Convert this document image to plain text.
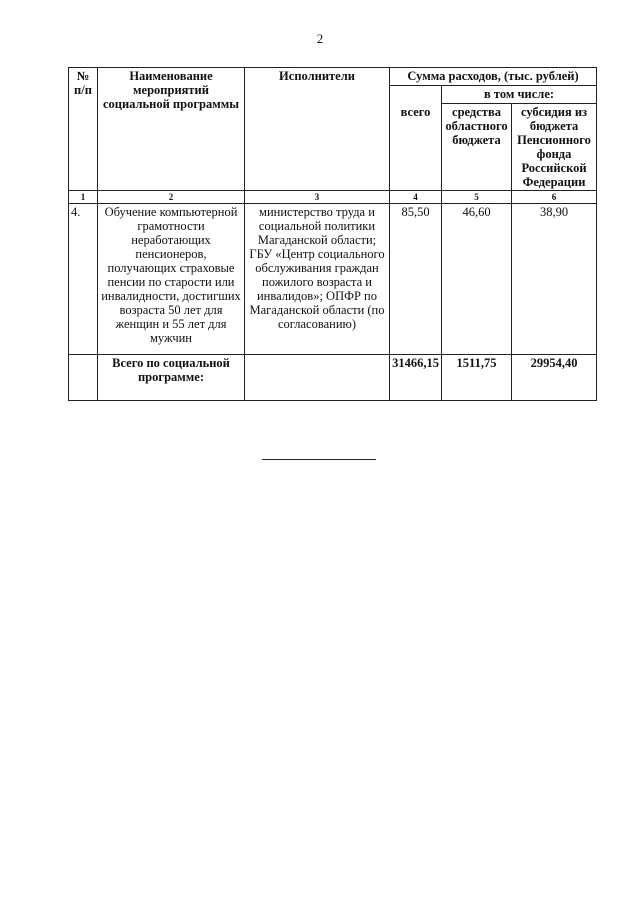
2
№ п/п	Наименование мероприятий социальной программы	Исполнители	Сумма расходов, (тыс. рублей)		
				в том числе:	
			всего	средства областного бюджета	субсидия из бюджета Пенсионного фонда Российской Федерации
1	2	3	4	5	6
4.	Обучение компьютерной грамотности неработающих пенсионеров, получающих страховые пенсии по старости или инвалидности, достигших возраста 50 лет для женщин и 55 лет для мужчин	министерство труда и социальной политики Магаданской области; ГБУ «Центр социального обслуживания граждан пожилого возраста и инвалидов»; ОПФР по Магаданской области (по согласованию)	85,50	46,60	38,90
	Всего по социальной программе:		31466,15	1511,75	29954,40
